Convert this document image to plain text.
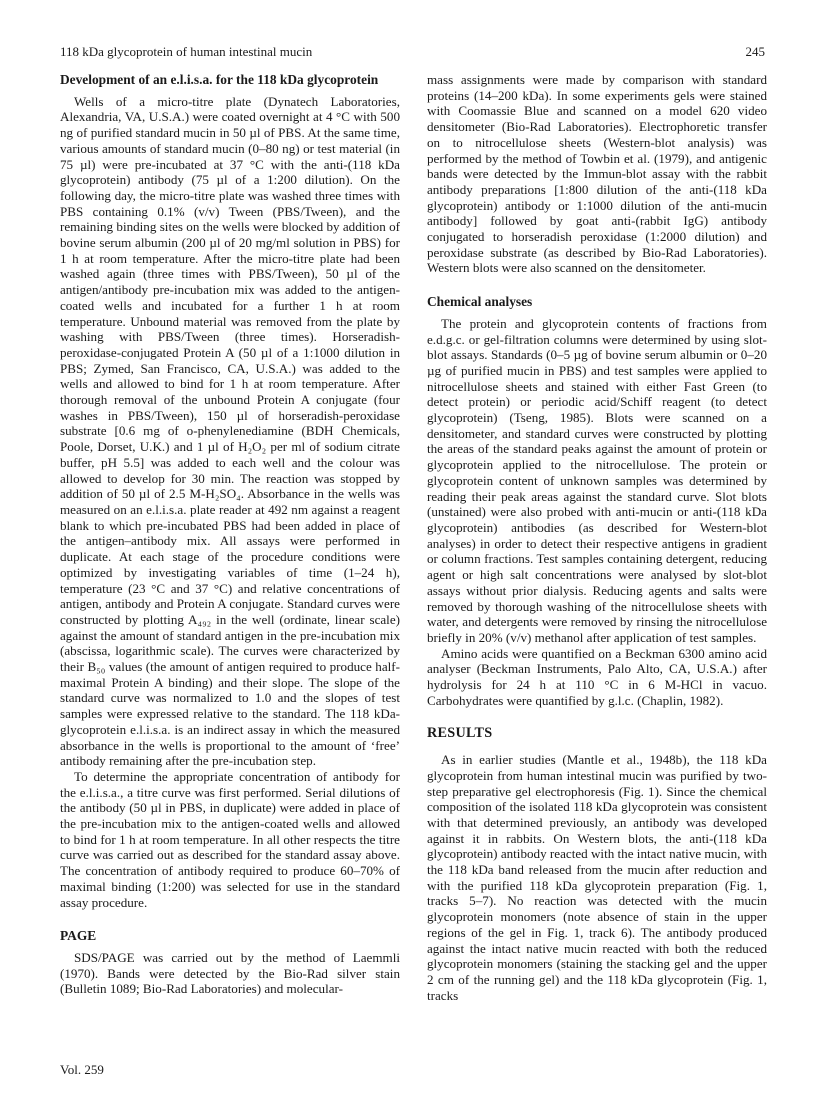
118 kDa glycoprotein of human intestinal mucin	245
Development of an e.l.i.s.a. for the 118 kDa glycoprotein

Wells of a micro-titre plate (Dynatech Laboratories, Alexandria, VA, U.S.A.) were coated overnight at 4 °C with 500 ng of purified standard mucin in 50 µl of PBS. At the same time, various amounts of standard mucin (0–80 ng) or test material (in 75 µl) were pre-incubated at 37 °C with the anti-(118 kDa glycoprotein) antibody (75 µl of a 1:200 dilution). On the following day, the micro-titre plate was washed three times with PBS containing 0.1% (v/v) Tween (PBS/Tween), and the remaining binding sites on the wells were blocked by addition of bovine serum albumin (200 µl of 20 mg/ml solution in PBS) for 1 h at room temperature. After the micro-titre plate had been washed again (three times with PBS/Tween), 50 µl of the antigen/antibody pre-incubation mix was added to the antigen-coated wells and incubated for a further 1 h at room temperature. Unbound material was removed from the plate by washing with PBS/Tween (three times). Horseradish-peroxidase-conjugated Protein A (50 µl of a 1:1000 dilution in PBS; Zymed, San Francisco, CA, U.S.A.) was added to the wells and allowed to bind for 1 h at room temperature. After thorough removal of the unbound Protein A conjugate (four washes in PBS/Tween), 150 µl of horseradish-peroxidase substrate [0.6 mg of o-phenylenediamine (BDH Chemicals, Poole, Dorset, U.K.) and 1 µl of H₂O₂ per ml of sodium citrate buffer, pH 5.5] was added to each well and the colour was allowed to develop for 30 min. The reaction was stopped by addition of 50 µl of 2.5 M-H₂SO₄. Absorbance in the wells was measured on an e.l.i.s.a. plate reader at 492 nm against a reagent blank to which pre-incubated PBS had been added in place of the antigen–antibody mix. All assays were performed in duplicate. At each stage of the procedure conditions were optimized by investigating variables of time (1–24 h), temperature (23 °C and 37 °C) and relative concentrations of antigen, antibody and Protein A conjugate. Standard curves were constructed by plotting A₄₉₂ in the well (ordinate, linear scale) against the amount of standard antigen in the pre-incubation mix (abscissa, logarithmic scale). The curves were characterized by their B₅₀ values (the amount of antigen required to produce half-maximal Protein A binding) and their slope. The slope of the standard curve was normalized to 1.0 and the slopes of test samples were expressed relative to the standard. The 118 kDa-glycoprotein e.l.i.s.a. is an indirect assay in which the measured absorbance in the wells is proportional to the amount of ‘free’ antibody remaining after the pre-incubation step.

To determine the appropriate concentration of antibody for the e.l.i.s.a., a titre curve was first performed. Serial dilutions of the antibody (50 µl in PBS, in duplicate) were added in place of the pre-incubation mix to the antigen-coated wells and allowed to bind for 1 h at room temperature. In all other respects the titre curve was carried out as described for the standard assay above. The concentration of antibody required to produce 60–70% of maximal binding (1:200) was selected for use in the standard assay procedure.

PAGE

SDS/PAGE was carried out by the method of Laemmli (1970). Bands were detected by the Bio-Rad silver stain (Bulletin 1089; Bio-Rad Laboratories) and molecular-

mass assignments were made by comparison with standard proteins (14–200 kDa). In some experiments gels were stained with Coomassie Blue and scanned on a model 620 video densitometer (Bio-Rad Laboratories). Electrophoretic transfer on to nitrocellulose sheets (Western-blot analysis) was performed by the method of Towbin et al. (1979), and antigenic bands were detected by the Immun-blot assay with the rabbit antibody preparations [1:800 dilution of the anti-(118 kDa glycoprotein) antibody or 1:1000 dilution of the anti-mucin antibody] followed by goat anti-(rabbit IgG) antibody conjugated to horseradish peroxidase (1:2000 dilution) and peroxidase substrate (as described by Bio-Rad Laboratories). Western blots were also scanned on the densitometer.

Chemical analyses

The protein and glycoprotein contents of fractions from e.d.g.c. or gel-filtration columns were determined by using slot-blot assays. Standards (0–5 µg of bovine serum albumin or 0–20 µg of purified mucin in PBS) and test samples were applied to nitrocellulose sheets and stained with either Fast Green (to detect protein) or periodic acid/Schiff reagent (to detect glycoprotein) (Tseng, 1985). Blots were scanned on a densitometer, and standard curves were constructed by plotting the areas of the standard peaks against the amount of protein or glycoprotein applied to the nitrocellulose. The protein or glycoprotein content of unknown samples was determined by reading their peak areas against the standard curve. Slot blots (unstained) were also probed with anti-mucin or anti-(118 kDa glycoprotein) antibodies (as described for Western-blot analyses) in order to detect their respective antigens in gradient or column fractions. Test samples containing detergent, reducing agent or high salt concentrations were analysed by slot-blot assays without prior dialysis. Reducing agents and salts were removed by thorough washing of the nitrocellulose sheets with water, and detergents were removed by rinsing the nitrocellulose briefly in 20% (v/v) methanol after application of test samples.

Amino acids were quantified on a Beckman 6300 amino acid analyser (Beckman Instruments, Palo Alto, CA, U.S.A.) after hydrolysis for 24 h at 110 °C in 6 M-HCl in vacuo. Carbohydrates were quantified by g.l.c. (Chaplin, 1982).

RESULTS

As in earlier studies (Mantle et al., 1948b), the 118 kDa glycoprotein from human intestinal mucin was purified by two-step preparative gel electrophoresis (Fig. 1). Since the chemical composition of the isolated 118 kDa glycoprotein was consistent with that determined previously, an antibody was developed against it in rabbits. On Western blots, the anti-(118 kDa glycoprotein) antibody reacted with the intact native mucin, with the 118 kDa band released from the mucin after reduction and with the purified 118 kDa glycoprotein preparation (Fig. 1, tracks 5–7). No reaction was detected with the mucin glycoprotein monomers (note absence of stain in the upper regions of the gel in Fig. 1, track 6). The antibody produced against the intact native mucin reacted with both the reduced glycoprotein monomers (staining the stacking gel and the upper 2 cm of the running gel) and the 118 kDa glycoprotein (Fig. 1, tracks

Vol. 259
